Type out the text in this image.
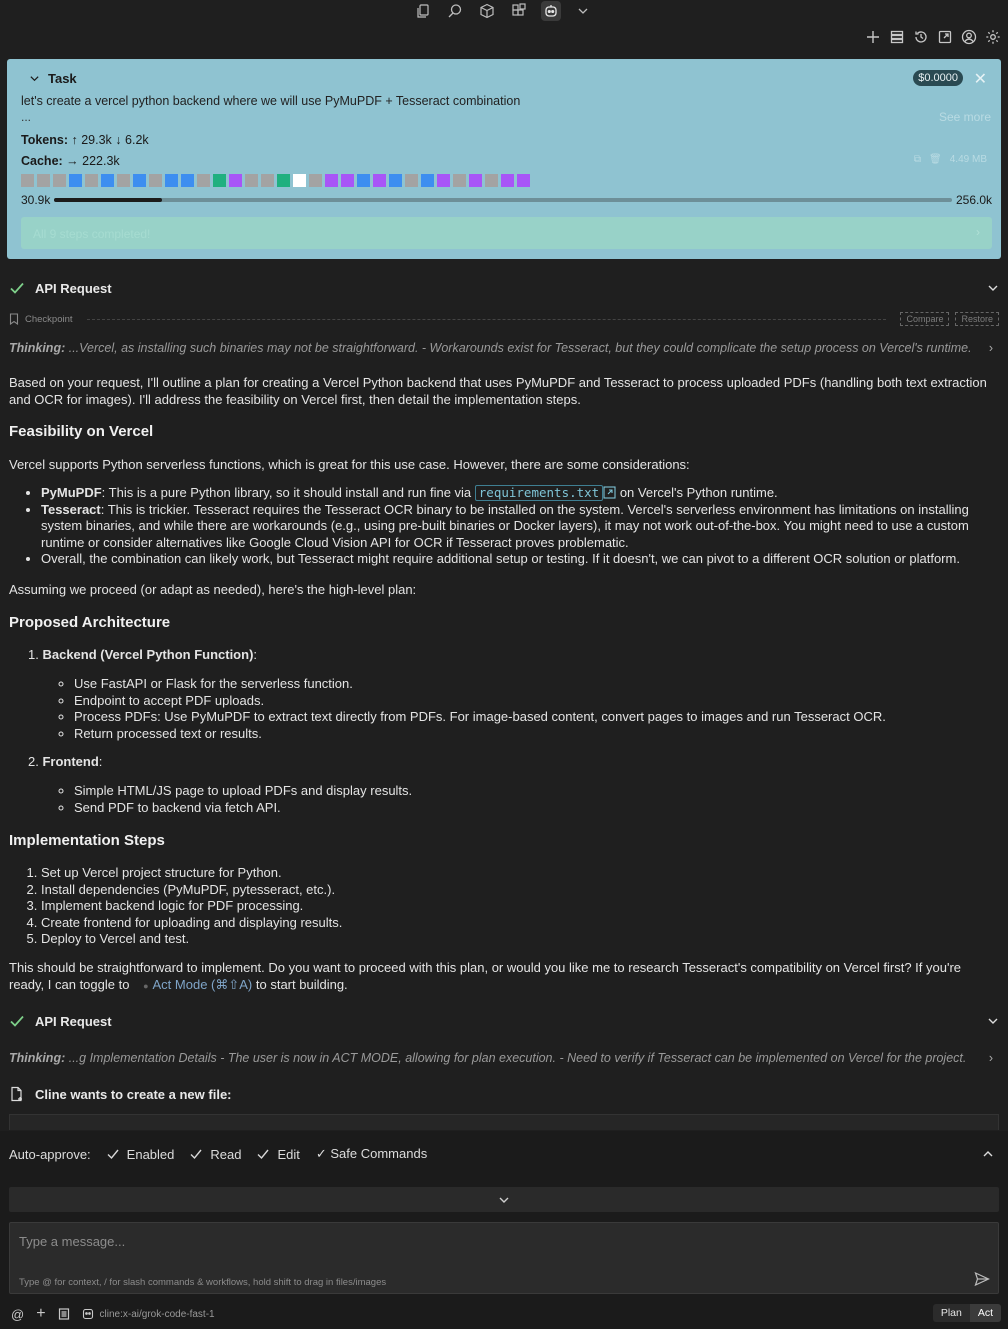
Task	$0.0000 ✕
let's create a vercel python backend where we will use PyMuPDF + Tesseract combination
...	See more
Tokens: ↑ 29.3k ↓ 6.2k
Cache: → 222.3k	⧉ 🗑 4.49 MB
30.9k	256.0k
All 9 steps completed!	›
API Request
Checkpoint	Compare	Restore
Thinking: ...Vercel, as installing such binaries may not be straightforward. - Workarounds exist for Tesseract, but they could complicate the setup process on Vercel's runtime. ›

Based on your request, I'll outline a plan for creating a Vercel Python backend that uses PyMuPDF and Tesseract to process uploaded PDFs (handling both text extraction and OCR for images). I'll address the feasibility on Vercel first, then detail the implementation steps.

Feasibility on Vercel

Vercel supports Python serverless functions, which is great for this use case. However, there are some considerations:

• PyMuPDF: This is a pure Python library, so it should install and run fine via requirements.txt on Vercel's Python runtime.
• Tesseract: This is trickier. Tesseract requires the Tesseract OCR binary to be installed on the system. Vercel's serverless environment has limitations on installing system binaries, and while there are workarounds (e.g., using pre-built binaries or Docker layers), it may not work out-of-the-box. You might need to use a custom runtime or consider alternatives like Google Cloud Vision API for OCR if Tesseract proves problematic.
• Overall, the combination can likely work, but Tesseract might require additional setup or testing. If it doesn't, we can pivot to a different OCR solution or platform.

Assuming we proceed (or adapt as needed), here's the high-level plan:

Proposed Architecture
1. Backend (Vercel Python Function):
◦ Use FastAPI or Flask for the serverless function.
◦ Endpoint to accept PDF uploads.
◦ Process PDFs: Use PyMuPDF to extract text directly from PDFs. For image-based content, convert pages to images and run Tesseract OCR.
◦ Return processed text or results.
2. Frontend:
◦ Simple HTML/JS page to upload PDFs and display results.
◦ Send PDF to backend via fetch API.
Implementation Steps
1. Set up Vercel project structure for Python.
2. Install dependencies (PyMuPDF, pytesseract, etc.).
3. Implement backend logic for PDF processing.
4. Create frontend for uploading and displaying results.
5. Deploy to Vercel and test.

This should be straightforward to implement. Do you want to proceed with this plan, or would you like me to research Tesseract's compatibility on Vercel first? If you're ready, I can toggle to ● Act Mode (⌘⇧A) to start building.

API Request
Thinking: ...g Implementation Details - The user is now in ACT MODE, allowing for plan execution. - Need to verify if Tesseract can be implemented on Vercel for the project. ›
Cline wants to create a new file:
Auto-approve:	Enabled	Read	Edit ✓ Safe Commands
Type a message...
Type @ for context, / for slash commands & workflows, hold shift to drag in files/images
@ +	cline:x-ai/grok-code-fast-1	Plan	Act
